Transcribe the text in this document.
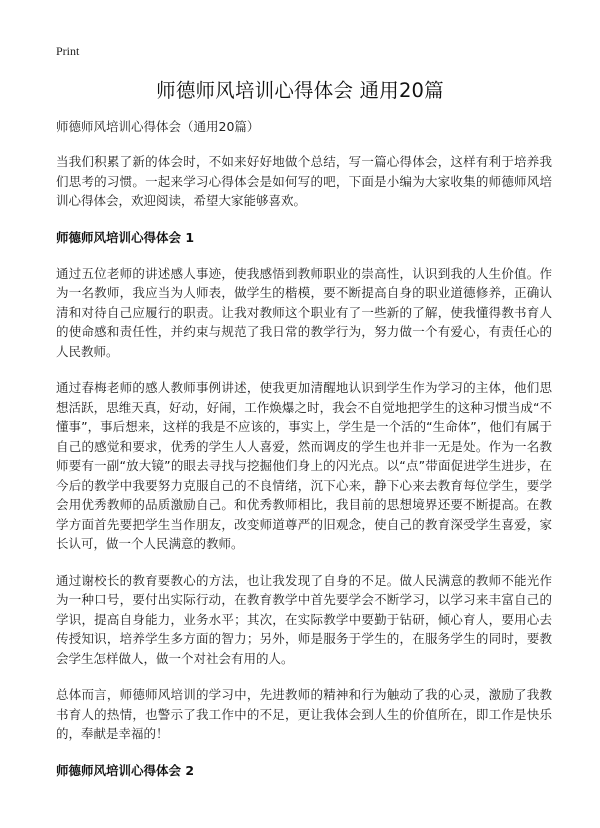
Print
师德师风培训心得体会 通用20篇

师德师风培训心得体会（通用20篇）

当我们积累了新的体会时，不如来好好地做个总结，写一篇心得体会，这样有利于培养我们思考的习惯。一起来学习心得体会是如何写的吧，下面是小编为大家收集的师德师风培训心得体会，欢迎阅读，希望大家能够喜欢。

师德师风培训心得体会 1

通过五位老师的讲述感人事迹，使我感悟到教师职业的崇高性，认识到我的人生价值。作为一名教师，我应当为人师表，做学生的楷模，要不断提高自身的职业道德修养，正确认清和对待自己应履行的职责。让我对教师这个职业有了一些新的了解，使我懂得教书育人的使命感和责任性，并约束与规范了我日常的教学行为，努力做一个有爱心，有责任心的人民教师。

通过春梅老师的感人教师事例讲述，使我更加清醒地认识到学生作为学习的主体，他们思想活跃，思维天真，好动，好闹，工作焕爆之时，我会不自觉地把学生的这种习惯当成“不懂事”，事后想来，这样的我是不应该的，事实上，学生是一个活的“生命体”，他们有属于自己的感觉和要求，优秀的学生人人喜爱，然而调皮的学生也并非一无是处。作为一名教师要有一副“放大镜”的眼去寻找与挖掘他们身上的闪光点。以“点”带面促进学生进步，在今后的教学中我要努力克服自己的不良情绪，沉下心来，静下心来去教育每位学生，要学会用优秀教师的品质激励自己。和优秀教师相比，我目前的思想境界还要不断提高。在教学方面首先要把学生当作朋友，改变师道尊严的旧观念，使自己的教育深受学生喜爱，家长认可，做一个人民满意的教师。

通过谢校长的教育要教心的方法，也让我发现了自身的不足。做人民满意的教师不能光作为一种口号，要付出实际行动，在教育教学中首先要学会不断学习，以学习来丰富自己的学识，提高自身能力，业务水平；其次，在实际教学中要勤于钻研，倾心育人，要用心去传授知识，培养学生多方面的智力；另外，师是服务于学生的，在服务学生的同时，要教会学生怎样做人，做一个对社会有用的人。

总体而言，师德师风培训的学习中，先进教师的精神和行为触动了我的心灵，激励了我教书育人的热情，也警示了我工作中的不足，更让我体会到人生的价值所在，即工作是快乐的，奉献是幸福的！

师德师风培训心得体会 2
